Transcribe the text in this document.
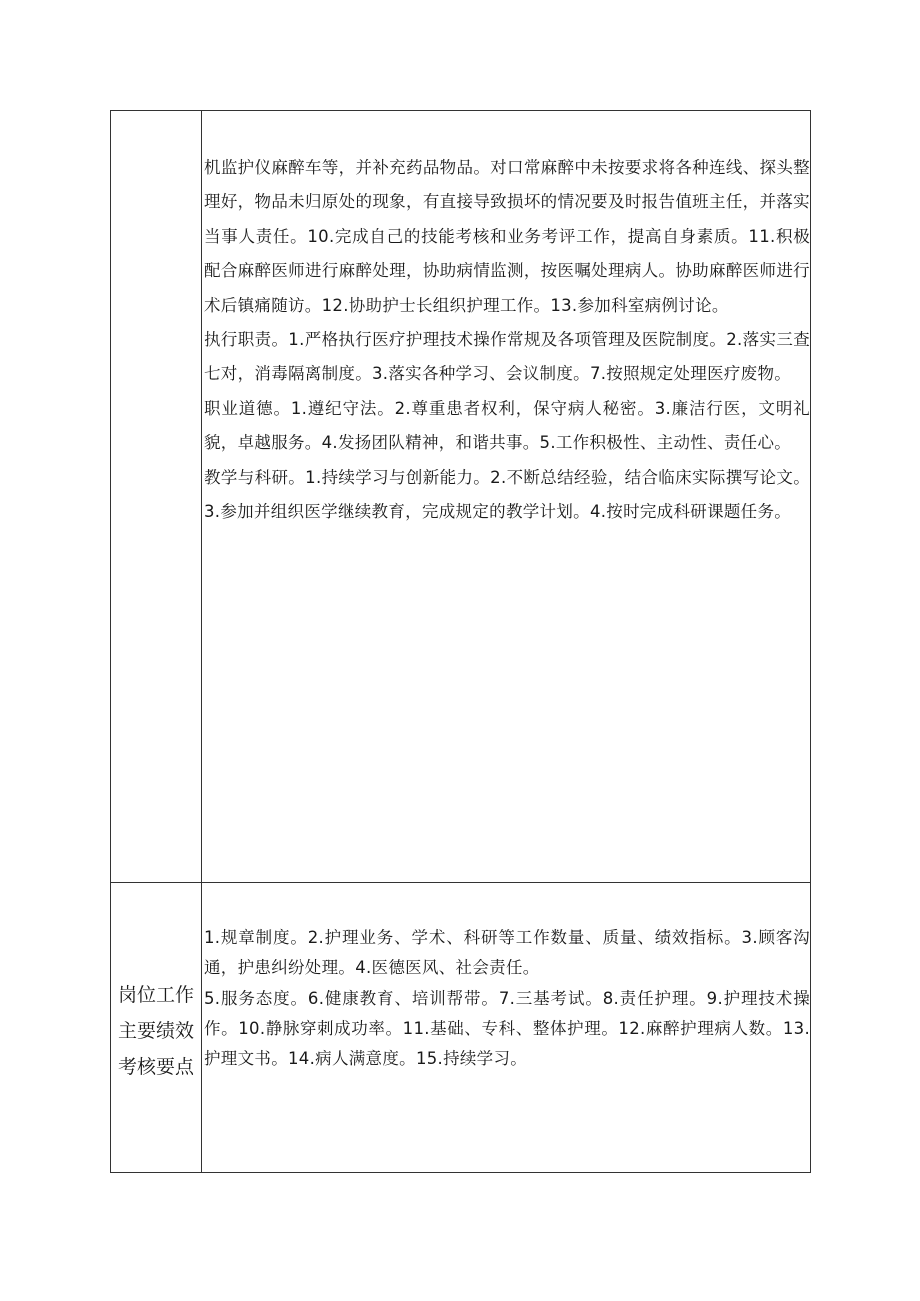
	机监护仪麻醉车等，并补充药品物品。对口常麻醉中未按要求将各种连线、探头整理好，物品未归原处的现象，有直接导致损坏的情况要及时报告值班主任，并落实当事人责任。10.完成自己的技能考核和业务考评工作，提高自身素质。11.积极配合麻醉医师进行麻醉处理，协助病情监测，按医嘱处理病人。协助麻醉医师进行术后镇痛随访。12.协助护士长组织护理工作。13.参加科室病例讨论。

执行职责。1.严格执行医疗护理技术操作常规及各项管理及医院制度。2.落实三查七对，消毒隔离制度。3.落实各种学习、会议制度。7.按照规定处理医疗废物。

职业道德。1.遵纪守法。2.尊重患者权利，保守病人秘密。3.廉洁行医，文明礼貌，卓越服务。4.发扬团队精神，和谐共事。5.工作积极性、主动性、责任心。

教学与科研。1.持续学习与创新能力。2.不断总结经验，结合临床实际撰写论文。3.参加并组织医学继续教育，完成规定的教学计划。4.按时完成科研课题任务。

岗位工作主要绩效考核要点	1.规章制度。2.护理业务、学术、科研等工作数量、质量、绩效指标。3.顾客沟通，护患纠纷处理。4.医德医风、社会责任。

5.服务态度。6.健康教育、培训帮带。7.三基考试。8.责任护理。9.护理技术操作。10.静脉穿刺成功率。11.基础、专科、整体护理。12.麻醉护理病人数。13.护理文书。14.病人满意度。15.持续学习。
